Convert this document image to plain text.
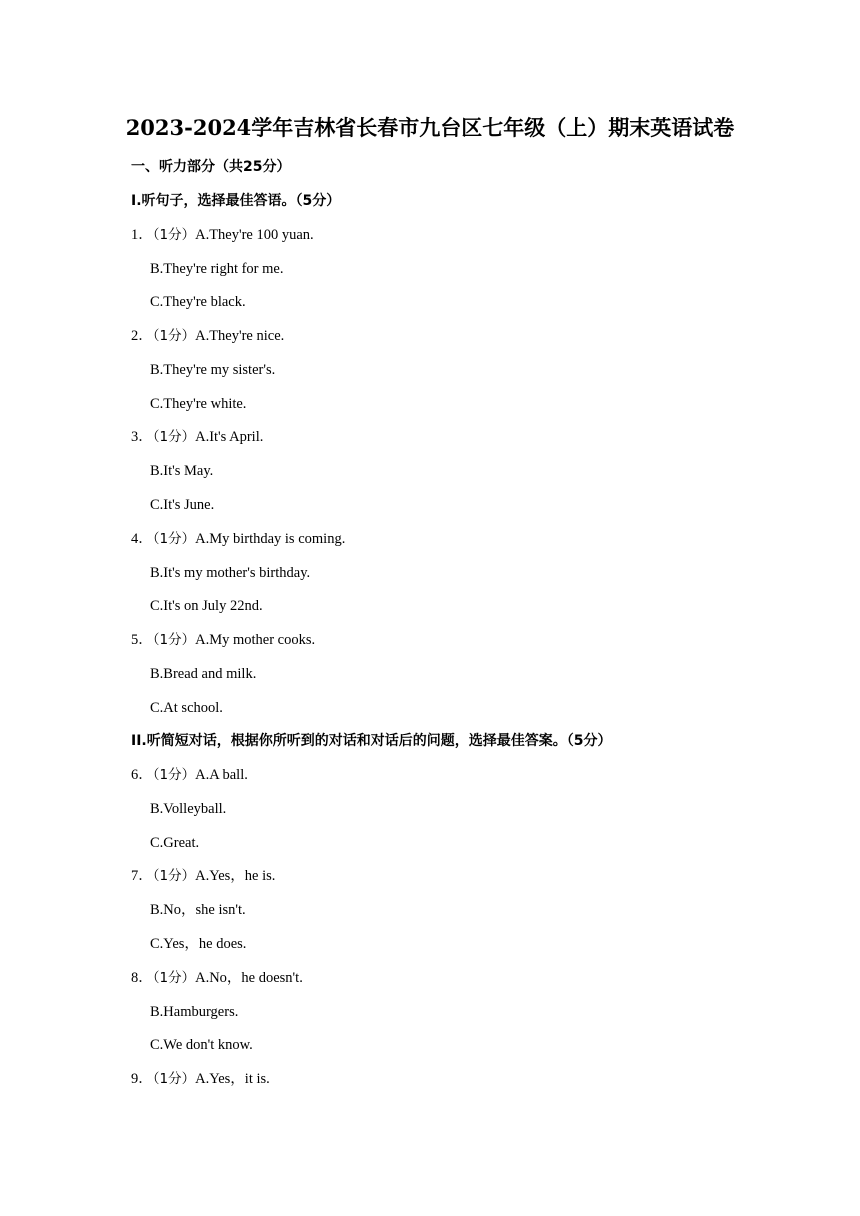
2023-2024学年吉林省长春市九台区七年级（上）期末英语试卷
一、听力部分（共25分）
Ⅰ.听句子，选择最佳答语。（5分）
1．（1分）A.They're 100 yuan.
B.They're right for me.
C.They're black.
2．（1分）A.They're nice.
B.They're my sister's.
C.They're white.
3．（1分）A.It's April.
B.It's May.
C.It's June.
4．（1分）A.My birthday is coming.
B.It's my mother's birthday.
C.It's on July 22nd.
5．（1分）A.My mother cooks.
B.Bread and milk.
C.At school.
II.听简短对话，根据你所听到的对话和对话后的问题，选择最佳答案。（5分）
6．（1分）A.A ball.
B.Volleyball.
C.Great.
7．（1分）A.Yes，he is.
B.No，she isn't.
C.Yes，he does.
8．（1分）A.No，he doesn't.
B.Hamburgers.
C.We don't know.
9．（1分）A.Yes，it is.
